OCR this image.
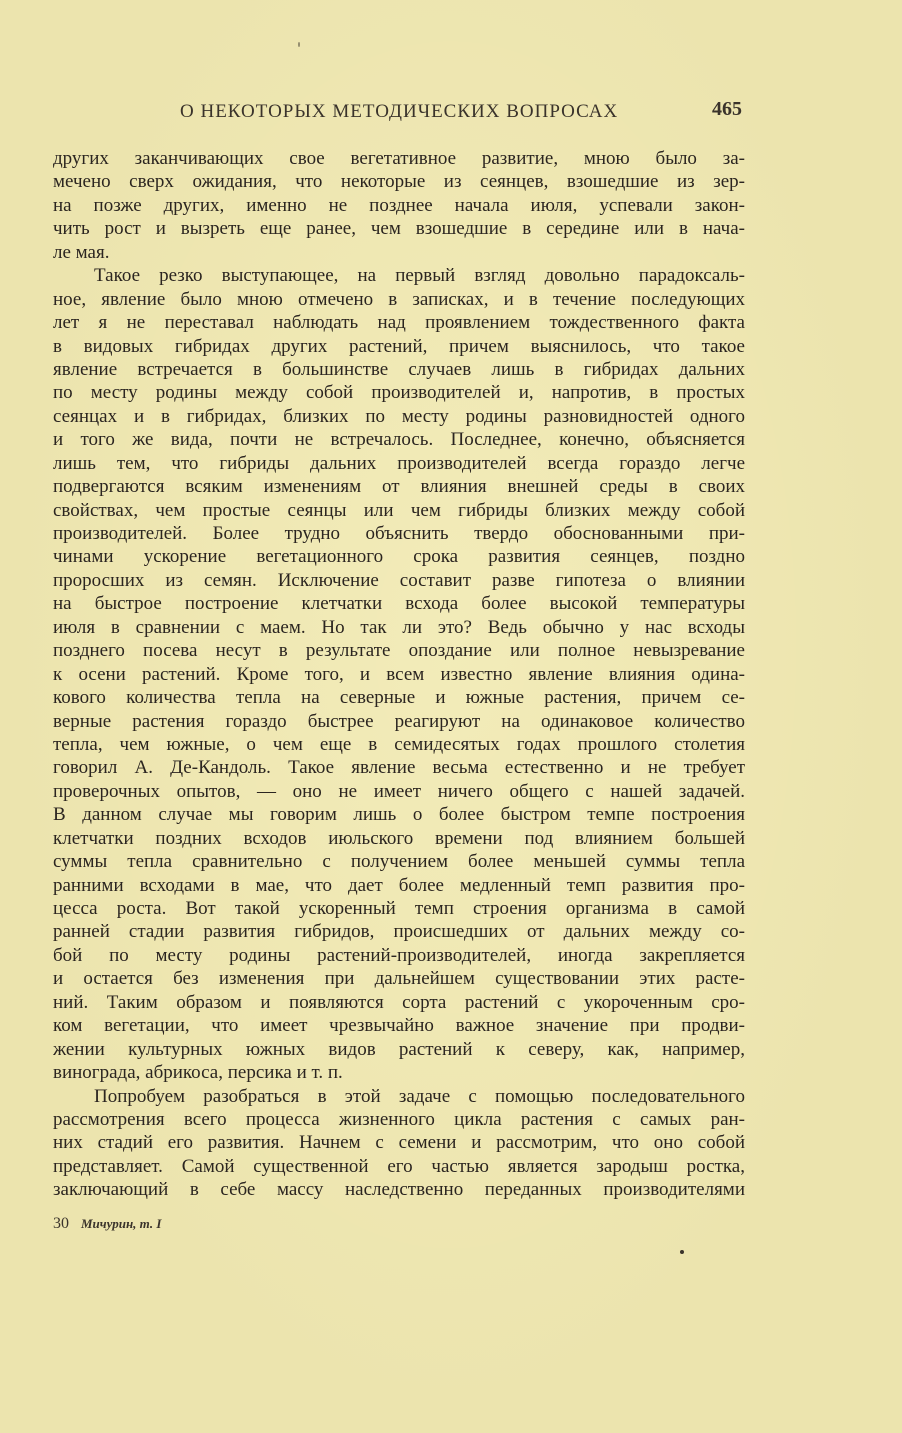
О НЕКОТОРЫХ МЕТОДИЧЕСКИХ ВОПРОСАХ	465
других заканчивающих свое вегетативное развитие, мною было за-
мечено сверх ожидания, что некоторые из сеянцев, взошедшие из зер-
на позже других, именно не позднее начала июля, успевали закон-
чить рост и вызреть еще ранее, чем взошедшие в середине или в нача-
ле мая.
Такое резко выступающее, на первый взгляд довольно парадоксаль-
ное, явление было мною отмечено в записках, и в течение последующих
лет я не переставал наблюдать над проявлением тождественного факта
в видовых гибридах других растений, причем выяснилось, что такое
явление встречается в большинстве случаев лишь в гибридах дальних
по месту родины между собой производителей и, напротив, в простых
сеянцах и в гибридах, близких по месту родины разновидностей одного
и того же вида, почти не встречалось. Последнее, конечно, объясняется
лишь тем, что гибриды дальних производителей всегда гораздо легче
подвергаются всяким изменениям от влияния внешней среды в своих
свойствах, чем простые сеянцы или чем гибриды близких между собой
производителей. Более трудно объяснить твердо обоснованными при-
чинами ускорение вегетационного срока развития сеянцев, поздно
проросших из семян. Исключение составит разве гипотеза о влиянии
на быстрое построение клетчатки всхода более высокой температуры
июля в сравнении с маем. Но так ли это? Ведь обычно у нас всходы
позднего посева несут в результате опоздание или полное невызревание
к осени растений. Кроме того, и всем известно явление влияния одина-
кового количества тепла на северные и южные растения, причем се-
верные растения гораздо быстрее реагируют на одинаковое количество
тепла, чем южные, о чем еще в семидесятых годах прошлого столетия
говорил А. Де-Кандоль. Такое явление весьма естественно и не требует
проверочных опытов, — оно не имеет ничего общего с нашей задачей.
В данном случае мы говорим лишь о более быстром темпе построения
клетчатки поздних всходов июльского времени под влиянием большей
суммы тепла сравнительно с получением более меньшей суммы тепла
ранними всходами в мае, что дает более медленный темп развития про-
цесса роста. Вот такой ускоренный темп строения организма в самой
ранней стадии развития гибридов, происшедших от дальних между со-
бой по месту родины растений-производителей, иногда закрепляется
и остается без изменения при дальнейшем существовании этих расте-
ний. Таким образом и появляются сорта растений с укороченным сро-
ком вегетации, что имеет чрезвычайно важное значение при продви-
жении культурных южных видов растений к северу, как, например,
винограда, абрикоса, персика и т. п.
Попробуем разобраться в этой задаче с помощью последовательного
рассмотрения всего процесса жизненного цикла растения с самых ран-
них стадий его развития. Начнем с семени и рассмотрим, что оно собой
представляет. Самой существенной его частью является зародыш ростка,
заключающий в себе массу наследственно переданных производителями
30 Мичурин, т. I
